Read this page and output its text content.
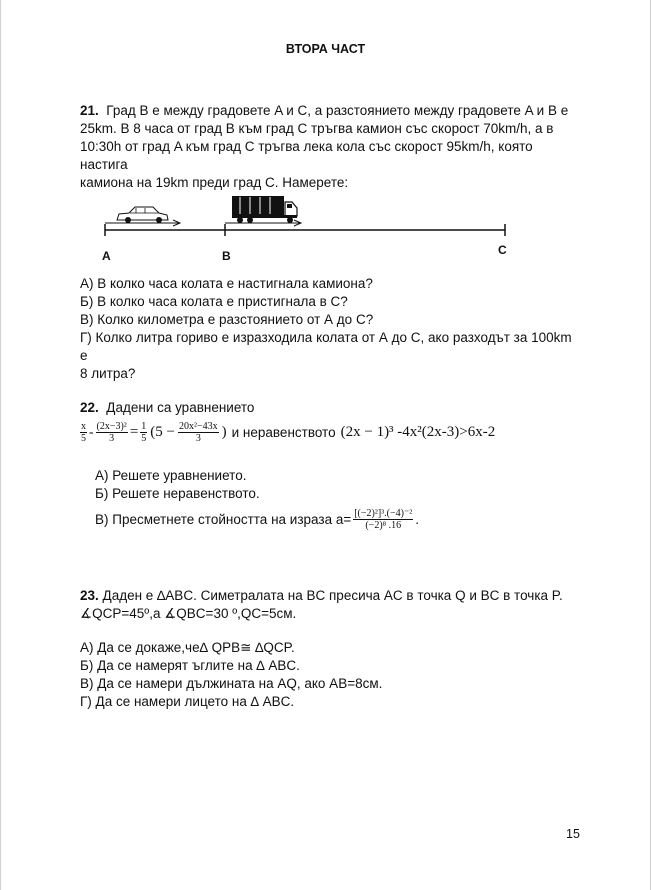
ВТОРА ЧАСТ
21. Град B е между градовете A и C, а разстоянието между градовете A и B е
25km. В 8 часа от град B към град C тръгва камион със скорост 70km/h, а в
10:30h от град A към град C тръгва лека кола със скорост 95km/h, която настига
камиона на 19km преди град C. Намерете:
A	B	C
А) В колко часа колата е настигнала камиона?
Б) В колко часа колата е пристигнала в С?
В) Колко километра е разстоянието от А до С?
Г) Колко литра гориво е изразходила колата от А до С, ако разходът за 100km е
8 литра?
22. Дадени са уравнението
$\frac{x}{5} - \frac{\text{(2x−3)²}}{3} = \frac{1}{5} (5 - \frac{\text{20x²−43x}}{3}$ ) и неравенството (2x − 1)³ -4x²(2x-3)>6x-2
А) Решете уравнението.
Б) Решете неравенството.
В) Пресметнете стойността на израза $a= \frac{\text{[(−2)²]³.(−4)⁻²}}{\text{(−2)⁸ .16}}$ .
23. Даден е ∆ABC. Симетралата на BC пресича AC в точка Q и BC в точка P.
∡QCP=45º,а ∡QBC=30 º,QC=5см.
А) Да се докаже,че∆ QPB≅ ∆QCP.
Б) Да се намерят ъглите на ∆ ABC.
В) Да се намери дължината на AQ, ако AB=8см.
Г) Да се намери лицето на ∆ ABC.
15
